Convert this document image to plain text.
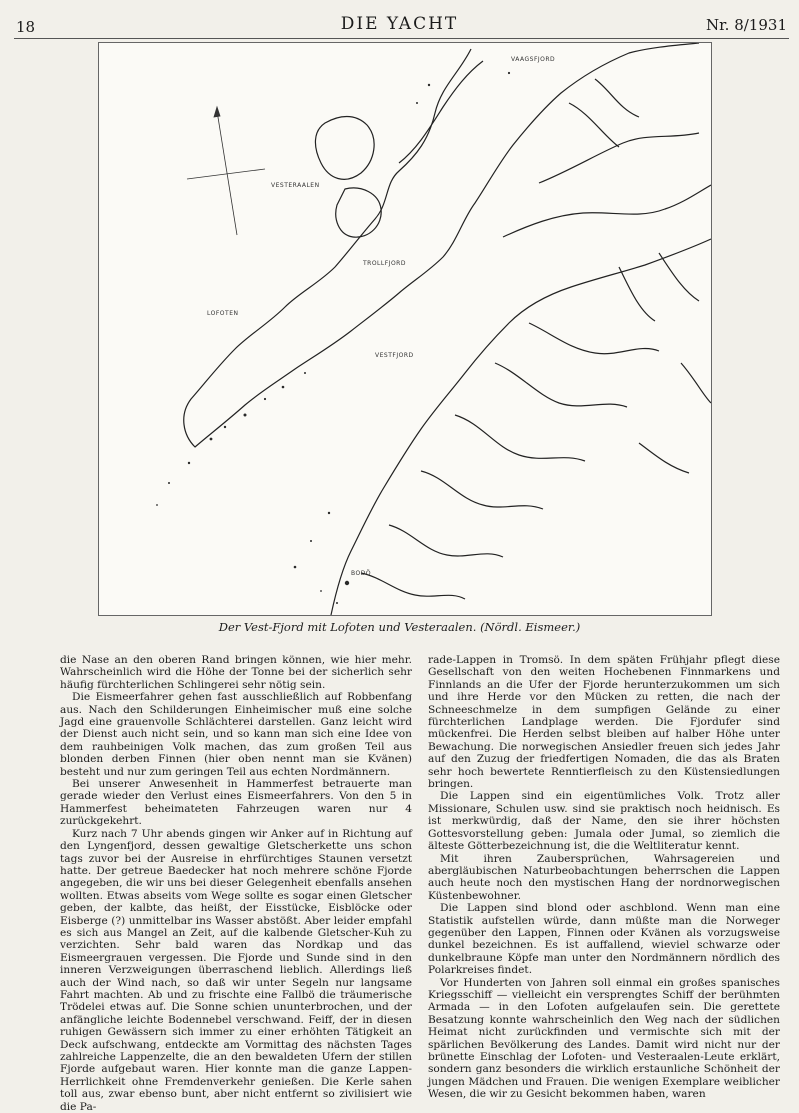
18	DIE YACHT	Nr. 8/1931
VAAGSFJORD
VESTERAALEN
TROLLFJORD
LOFOTEN
VESTFJORD
BODÖ
Der Vest-Fjord mit Lofoten und Vesteraalen. (Nördl. Eismeer.)

die Nase an den oberen Rand bringen können, wie hier mehr. Wahrscheinlich wird die Höhe der Tonne bei der sicherlich sehr häufig fürchterlichen Schlingerei sehr nötig sein.

Die Eismeerfahrer gehen fast ausschließlich auf Robbenfang aus. Nach den Schilderungen Einheimischer muß eine solche Jagd eine grauenvolle Schlächterei darstellen. Ganz leicht wird der Dienst auch nicht sein, und so kann man sich eine Idee von dem rauhbeinigen Volk machen, das zum großen Teil aus blonden derben Finnen (hier oben nennt man sie Kvänen) besteht und nur zum geringen Teil aus echten Nordmännern.

Bei unserer Anwesenheit in Hammerfest betrauerte man gerade wieder den Verlust eines Eismeerfahrers. Von den 5 in Hammerfest beheimateten Fahrzeugen waren nur 4 zurückgekehrt.

Kurz nach 7 Uhr abends gingen wir Anker auf in Richtung auf den Lyngenfjord, dessen gewaltige Gletscherkette uns schon tags zuvor bei der Ausreise in ehrfürchtiges Staunen versetzt hatte. Der getreue Baedecker hat noch mehrere schöne Fjorde angegeben, die wir uns bei dieser Gelegenheit ebenfalls ansehen wollten. Etwas abseits vom Wege sollte es sogar einen Gletscher geben, der kalbte, das heißt, der Eisstücke, Eisblöcke oder Eisberge (?) unmittelbar ins Wasser abstößt. Aber leider empfahl es sich aus Mangel an Zeit, auf die kalbende Gletscher-Kuh zu verzichten. Sehr bald waren das Nordkap und das Eismeergrauen vergessen. Die Fjorde und Sunde sind in den inneren Verzweigungen überraschend lieblich. Allerdings ließ auch der Wind nach, so daß wir unter Segeln nur langsame Fahrt machten. Ab und zu frischte eine Fallbö die träumerische Trödelei etwas auf. Die Sonne schien ununterbrochen, und der anfängliche leichte Bodennebel verschwand. Feiff, der in diesen ruhigen Gewässern sich immer zu einer erhöhten Tätigkeit an Deck aufschwang, entdeckte am Vormittag des nächsten Tages zahlreiche Lappenzelte, die an den bewaldeten Ufern der stillen Fjorde aufgebaut waren. Hier konnte man die ganze Lappen-Herrlichkeit ohne Fremdenverkehr genießen. Die Kerle sahen toll aus, zwar ebenso bunt, aber nicht entfernt so zivilisiert wie die Pa-

rade-Lappen in Tromsö. In dem späten Frühjahr pflegt diese Gesellschaft von den weiten Hochebenen Finnmarkens und Finnlands an die Ufer der Fjorde herunterzukommen um sich und ihre Herde vor den Mücken zu retten, die nach der Schneeschmelze in dem sumpfigen Gelände zu einer fürchterlichen Landplage werden. Die Fjordufer sind mückenfrei. Die Herden selbst bleiben auf halber Höhe unter Bewachung. Die norwegischen Ansiedler freuen sich jedes Jahr auf den Zuzug der friedfertigen Nomaden, die das als Braten sehr hoch bewertete Renntierfleisch zu den Küstensiedlungen bringen.

Die Lappen sind ein eigentümliches Volk. Trotz aller Missionare, Schulen usw. sind sie praktisch noch heidnisch. Es ist merkwürdig, daß der Name, den sie ihrer höchsten Gottesvorstellung geben: Jumala oder Jumal, so ziemlich die älteste Götterbezeichnung ist, die die Weltliteratur kennt.

Mit ihren Zaubersprüchen, Wahrsagereien und abergläubischen Naturbeobachtungen beherrschen die Lappen auch heute noch den mystischen Hang der nordnorwegischen Küstenbewohner.

Die Lappen sind blond oder aschblond. Wenn man eine Statistik aufstellen würde, dann müßte man die Norweger gegenüber den Lappen, Finnen oder Kvänen als vorzugsweise dunkel bezeichnen. Es ist auffallend, wieviel schwarze oder dunkelbraune Köpfe man unter den Nordmännern nördlich des Polarkreises findet.

Vor Hunderten von Jahren soll einmal ein großes spanisches Kriegsschiff — vielleicht ein versprengtes Schiff der berühmten Armada — in den Lofoten aufgelaufen sein. Die gerettete Besatzung konnte wahrscheinlich den Weg nach der südlichen Heimat nicht zurückfinden und vermischte sich mit der spärlichen Bevölkerung des Landes. Damit wird nicht nur der brünette Einschlag der Lofoten- und Vesteraalen-Leute erklärt, sondern ganz besonders die wirklich erstaunliche Schönheit der jungen Mädchen und Frauen. Die wenigen Exemplare weiblicher Wesen, die wir zu Gesicht bekommen haben, waren
